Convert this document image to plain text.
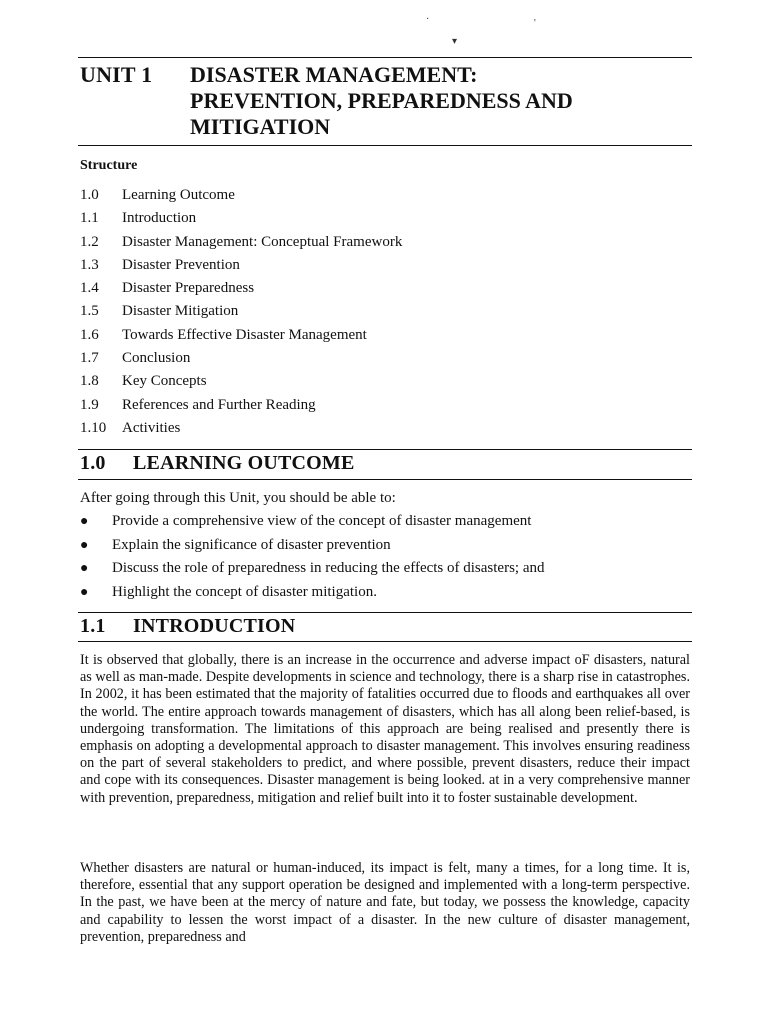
·	'
▾
UNIT 1 DISASTER MANAGEMENT:
PREVENTION, PREPAREDNESS AND
MITIGATION
Structure
1.0 Learning Outcome
1.1 Introduction
1.2 Disaster Management: Conceptual Framework
1.3 Disaster Prevention
1.4 Disaster Preparedness
1.5 Disaster Mitigation
1.6 Towards Effective Disaster Management
1.7 Conclusion
1.8 Key Concepts
1.9 References and Further Reading
1.10 Activities
1.0 LEARNING OUTCOME
After going through this Unit, you should be able to:
● Provide a comprehensive view of the concept of disaster management
● Explain the significance of disaster prevention
● Discuss the role of preparedness in reducing the effects of disasters; and
● Highlight the concept of disaster mitigation.
1.1 INTRODUCTION

It is observed that globally, there is an increase in the occurrence and adverse impact oF disasters, natural as well as man-made. Despite developments in science and technology, there is a sharp rise in catastrophes. In 2002, it has been estimated that the majority of fatalities occurred due to floods and earthquakes all over the world. The entire approach towards management of disasters, which has all along been relief-based, is undergoing transformation. The limitations of this approach are being realised and presently there is emphasis on adopting a developmental approach to disaster management. This involves ensuring readiness on the part of several stakeholders to predict, and where possible, prevent disasters, reduce their impact and cope with its consequences. Disaster management is being looked. at in a very comprehensive manner with prevention, preparedness, mitigation and relief built into it to foster sustainable development.

Whether disasters are natural or human-induced, its impact is felt, many a times, for a long time. It is, therefore, essential that any support operation be designed and implemented with a long-term perspective. In the past, we have been at the mercy of nature and fate, but today, we possess the knowledge, capacity and capability to lessen the worst impact of a disaster. In the new culture of disaster management, prevention, preparedness and
